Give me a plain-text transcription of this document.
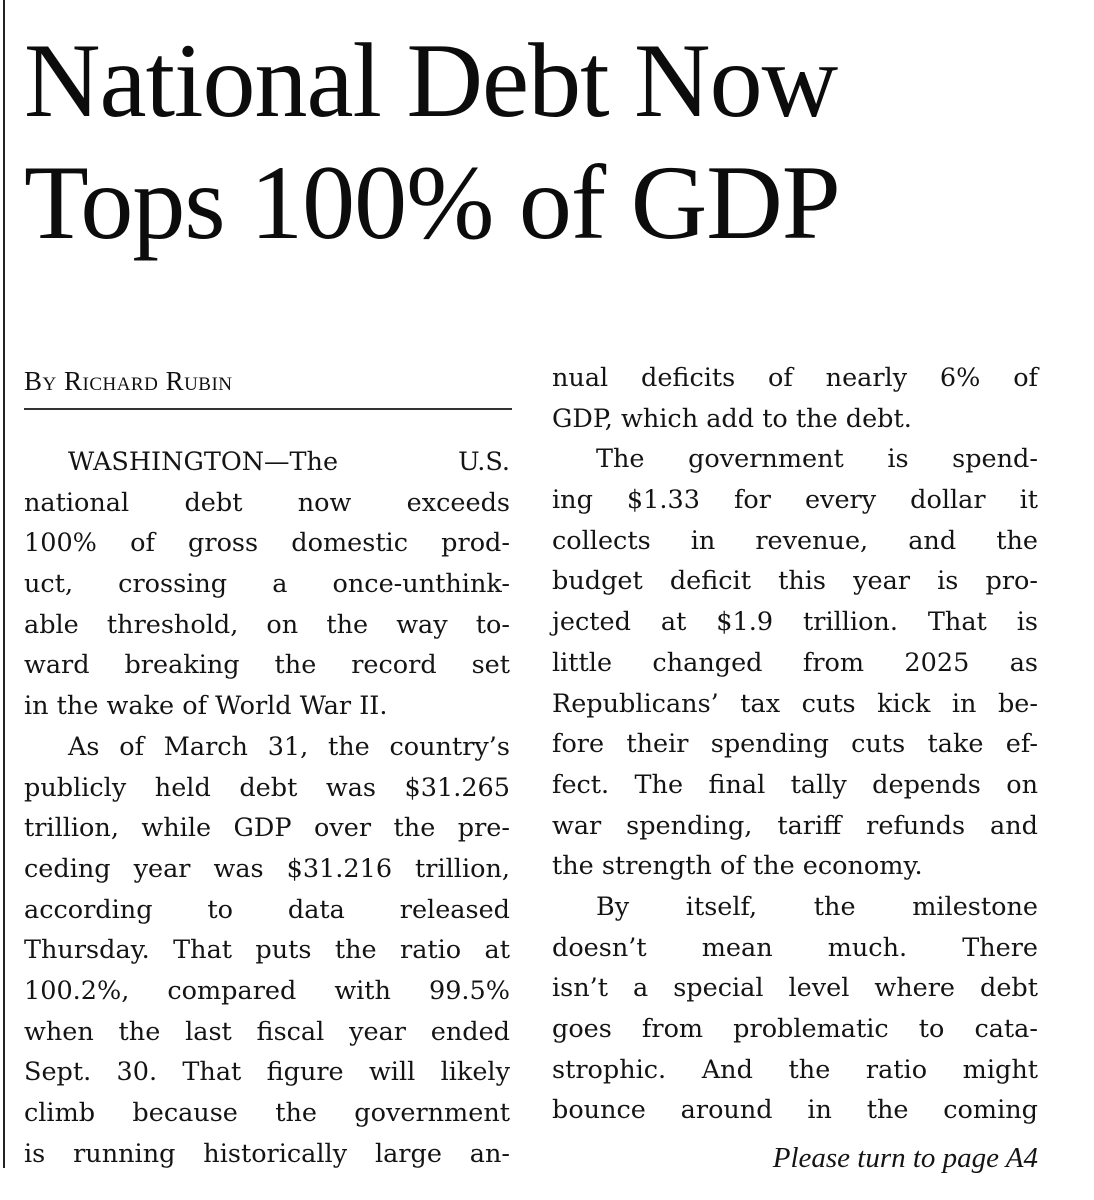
National Debt Now
Tops 100% of GDP
By Richard Rubin
WASHINGTON—The U.S.
national debt now exceeds
100% of gross domestic prod-
uct, crossing a once-unthink-
able threshold, on the way to-
ward breaking the record set
in the wake of World War II.
As of March 31, the country’s
publicly held debt was $31.265
trillion, while GDP over the pre-
ceding year was $31.216 trillion,
according to data released
Thursday. That puts the ratio at
100.2%, compared with 99.5%
when the last fiscal year ended
Sept. 30. That figure will likely
climb because the government
is running historically large an-
nual deficits of nearly 6% of
GDP, which add to the debt.
The government is spend-
ing $1.33 for every dollar it
collects in revenue, and the
budget deficit this year is pro-
jected at $1.9 trillion. That is
little changed from 2025 as
Republicans’ tax cuts kick in be-
fore their spending cuts take ef-
fect. The final tally depends on
war spending, tariff refunds and
the strength of the economy.
By itself, the milestone
doesn’t mean much. There
isn’t a special level where debt
goes from problematic to cata-
strophic. And the ratio might
bounce around in the coming
Please turn to page A4
